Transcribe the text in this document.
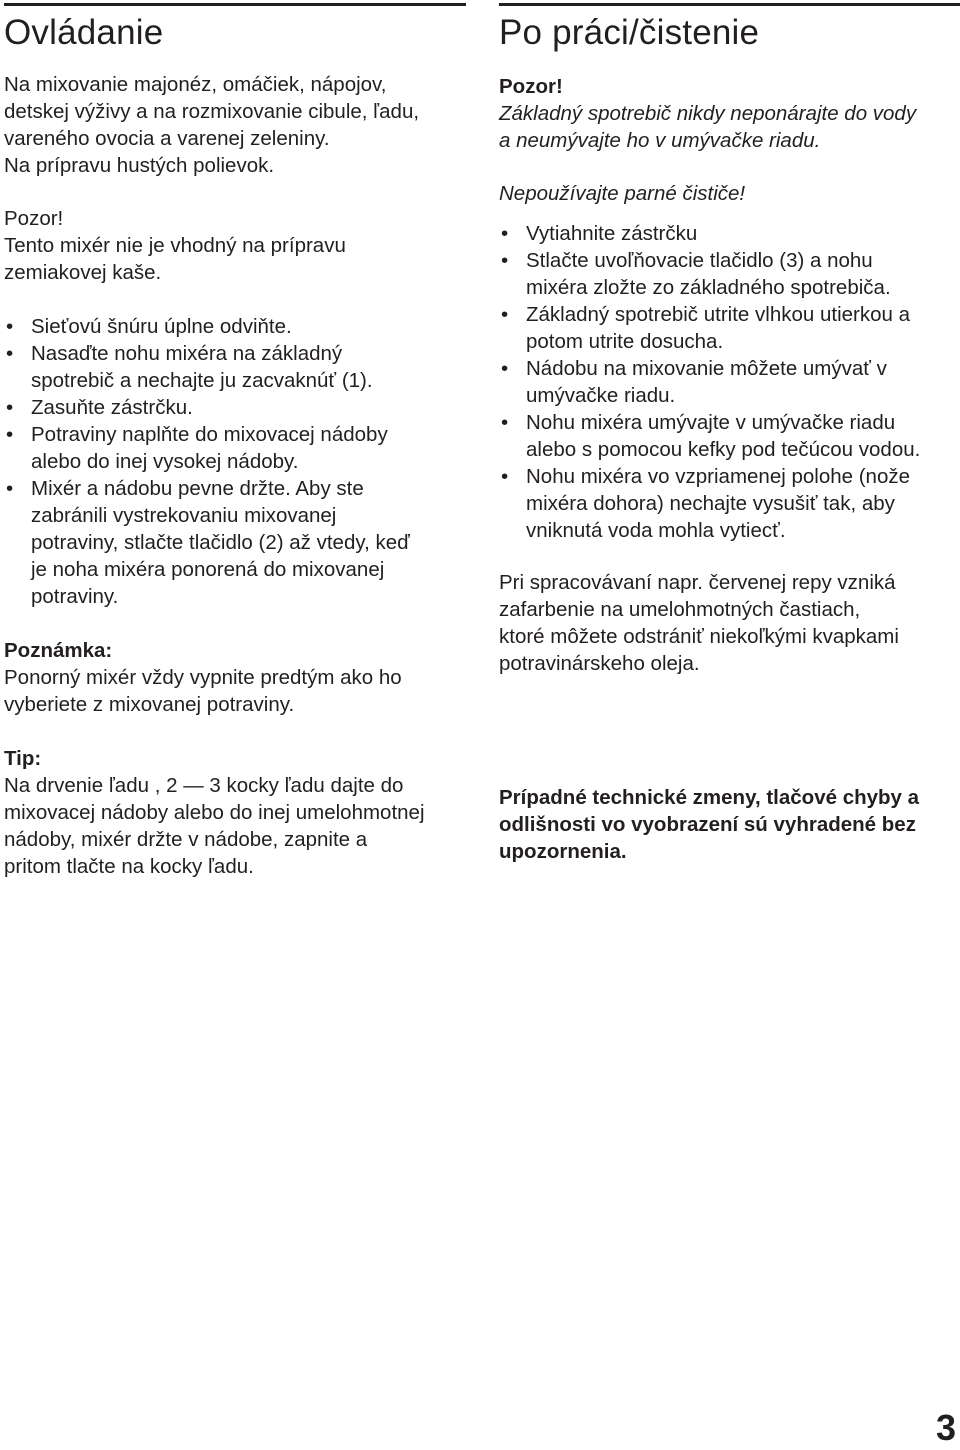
Ovládanie

Na mixovanie majonéz, omáčiek, nápojov,

detskej výživy a na rozmixovanie cibule, ľadu,

vareného ovocia a varenej zeleniny.

Na prípravu hustých polievok.

Pozor!

Tento mixér nie je vhodný na prípravu

zemiakovej kaše.

• Sieťovú šnúru úplne odviňte.

• Nasaďte nohu mixéra na základný

spotrebič a nechajte ju zacvaknúť (1).

• Zasuňte zástrčku.

• Potraviny naplňte do mixovacej nádoby

alebo do inej vysokej nádoby.

• Mixér a nádobu pevne držte. Aby ste

zabránili vystrekovaniu mixovanej

potraviny, stlačte tlačidlo (2) až vtedy, keď

je noha mixéra ponorená do mixovanej

potraviny.

Poznámka:

Ponorný mixér vždy vypnite predtým ako ho

vyberiete z mixovanej potraviny.

Tip:

Na drvenie ľadu , 2 — 3 kocky ľadu dajte do

mixovacej nádoby alebo do inej umelohmotnej

nádoby, mixér držte v nádobe, zapnite a

pritom tlačte na kocky ľadu.

Po práci/čistenie

Pozor!

Základný spotrebič nikdy neponárajte do vody

a neumývajte ho v umývačke riadu.

Nepoužívajte parné čističe!

• Vytiahnite zástrčku

• Stlačte uvoľňovacie tlačidlo (3) a nohu

mixéra zložte zo základného spotrebiča.

• Základný spotrebič utrite vlhkou utierkou a

potom utrite dosucha.

• Nádobu na mixovanie môžete umývať v

umývačke riadu.

• Nohu mixéra umývajte v umývačke riadu

alebo s pomocou kefky pod tečúcou vodou.

• Nohu mixéra vo vzpriamenej polohe (nože

mixéra dohora) nechajte vysušiť tak, aby

vniknutá voda mohla vytiecť.

Pri spracovávaní napr. červenej repy vzniká

zafarbenie na umelohmotných častiach,

ktoré môžete odstrániť niekoľkými kvapkami

potravinárskeho oleja.

Prípadné technické zmeny, tlačové chyby a

odlišnosti vo vyobrazení sú vyhradené bez

upozornenia.

3
